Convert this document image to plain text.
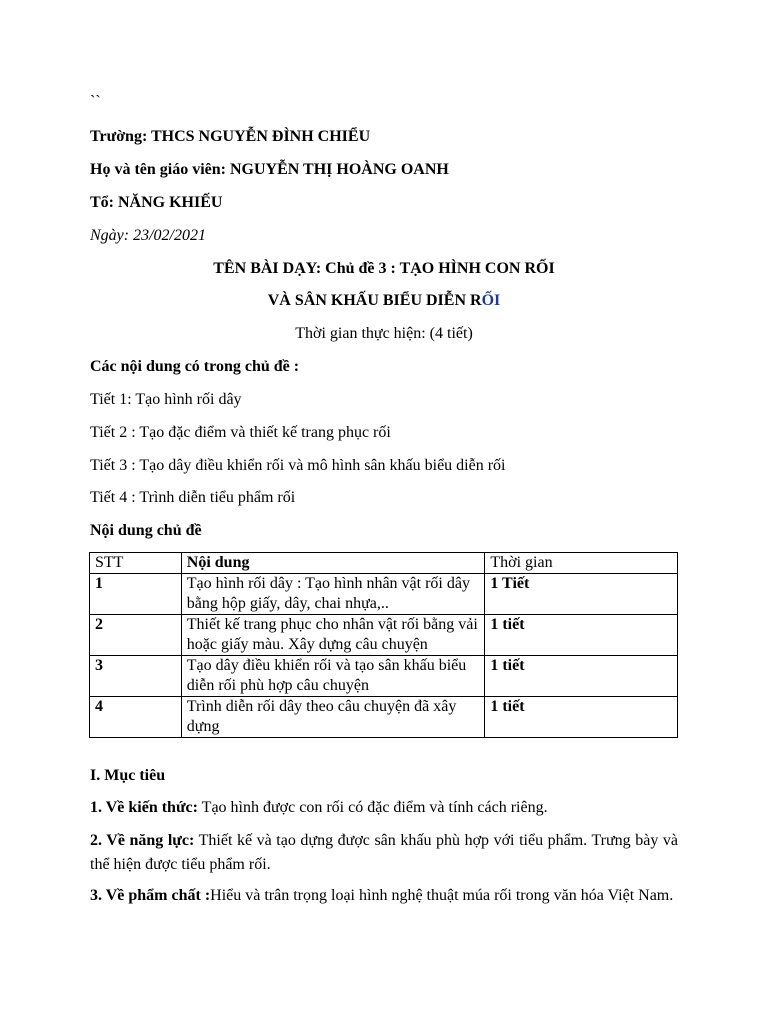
``
Trường: THCS NGUYỄN ĐÌNH CHIỂU
Họ và tên giáo viên: NGUYỄN THỊ HOÀNG OANH
Tổ: NĂNG KHIẾU
Ngày: 23/02/2021
TÊN BÀI DẠY: Chủ đề 3 : TẠO HÌNH CON RỐI
VÀ SÂN KHẤU BIỂU DIỄN RỐI
Thời gian thực hiện: (4 tiết)
Các nội dung có trong chủ đề :
Tiết 1: Tạo hình rối dây
Tiết 2 : Tạo đặc điểm và thiết kế trang phục rối
Tiết 3 : Tạo dây điều khiển rối và mô hình sân khấu biểu diễn rối
Tiết 4 : Trình diễn tiểu phẩm rối
Nội dung chủ đề
STT	Nội dung	Thời gian
1	Tạo hình rối dây : Tạo hình nhân vật rối dây bằng hộp giấy, dây, chai nhựa,..	1 Tiết
2	Thiết kế trang phục cho nhân vật rối bằng vải hoặc giấy màu. Xây dựng câu chuyện	1 tiết
3	Tạo dây điều khiển rối và tạo sân khấu biểu diễn rối phù hợp câu chuyện	1 tiết
4	Trình diễn rối dây theo câu chuyện đã xây dựng	1 tiết
I. Mục tiêu
1. Về kiến thức: Tạo hình được con rối có đặc điểm và tính cách riêng.
2. Về năng lực: Thiết kế và tạo dựng được sân khấu phù hợp với tiểu phẩm. Trưng bày và thể hiện được tiểu phẩm rối.
3. Về phẩm chất :Hiểu và trân trọng loại hình nghệ thuật múa rối trong văn hóa Việt Nam.
